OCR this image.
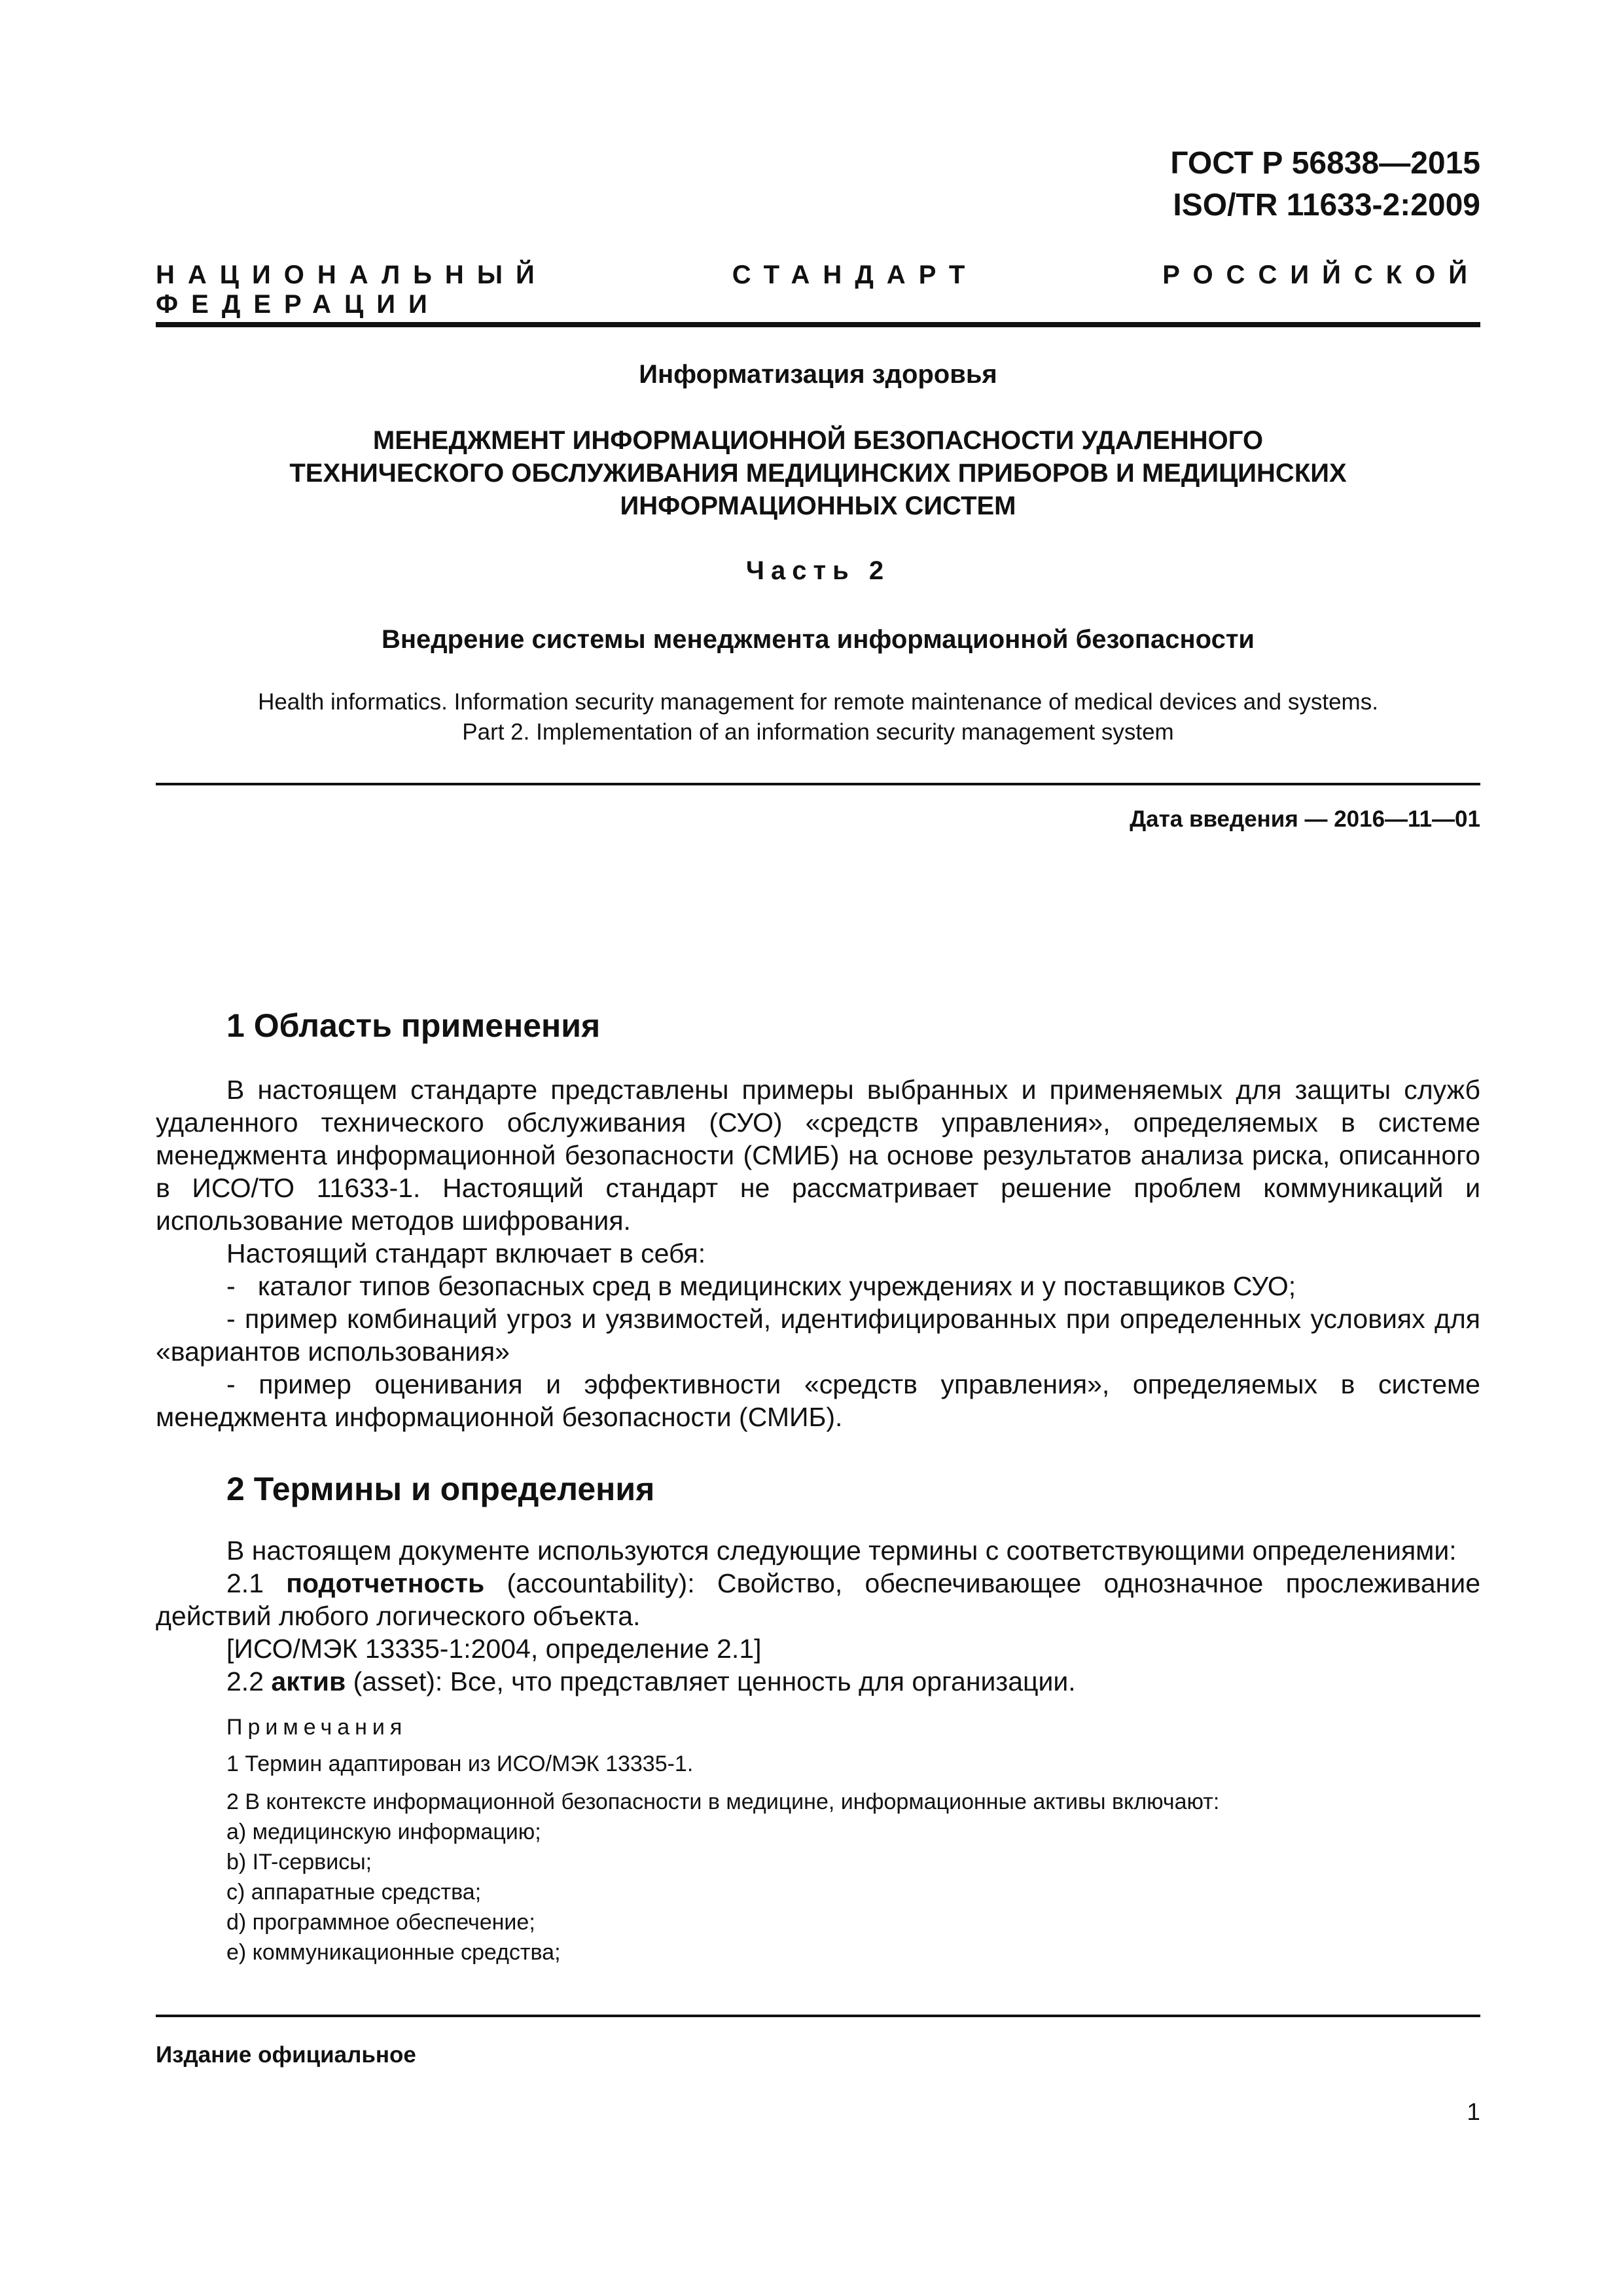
ГОСТ Р 56838—2015
ISO/TR 11633-2:2009
НАЦИОНАЛЬНЫЙ СТАНДАРТ РОССИЙСКОЙ ФЕДЕРАЦИИ
Информатизация здоровья
МЕНЕДЖМЕНТ ИНФОРМАЦИОННОЙ БЕЗОПАСНОСТИ УДАЛЕННОГО
ТЕХНИЧЕСКОГО ОБСЛУЖИВАНИЯ МЕДИЦИНСКИХ ПРИБОРОВ И МЕДИЦИНСКИХ
ИНФОРМАЦИОННЫХ СИСТЕМ
Часть 2
Внедрение системы менеджмента информационной безопасности
Health informatics. Information security management for remote maintenance of medical devices and systems.
Part 2. Implementation of an information security management system
Дата введения — 2016—11—01
1 Область применения
В настоящем стандарте представлены примеры выбранных и применяемых для защиты служб удаленного технического обслуживания (СУО) «средств управления», определяемых в системе менеджмента информационной безопасности (СМИБ) на основе результатов анализа риска, описанного в ИСО/ТО 11633-1. Настоящий стандарт не рассматривает решение проблем коммуникаций и использование методов шифрования.
Настоящий стандарт включает в себя:
-   каталог типов безопасных сред в медицинских учреждениях и у поставщиков СУО;
- пример комбинаций угроз и уязвимостей, идентифицированных при определенных условиях для «вариантов использования»
- пример оценивания и эффективности «средств управления», определяемых в системе менеджмента информационной безопасности (СМИБ).
2 Термины и определения
В настоящем документе используются следующие термины с соответствующими определениями:
2.1 подотчетность (accountability): Свойство, обеспечивающее однозначное прослеживание действий любого логического объекта.
[ИСО/МЭК 13335-1:2004, определение 2.1]
2.2 актив (asset): Все, что представляет ценность для организации.
Примечания
1 Термин адаптирован из ИСО/МЭК 13335-1.
2 В контексте информационной безопасности в медицине, информационные активы включают:
а) медицинскую информацию;
b) IT-сервисы;
c) аппаратные средства;
d) программное обеспечение;
e) коммуникационные средства;
Издание официальное
1
